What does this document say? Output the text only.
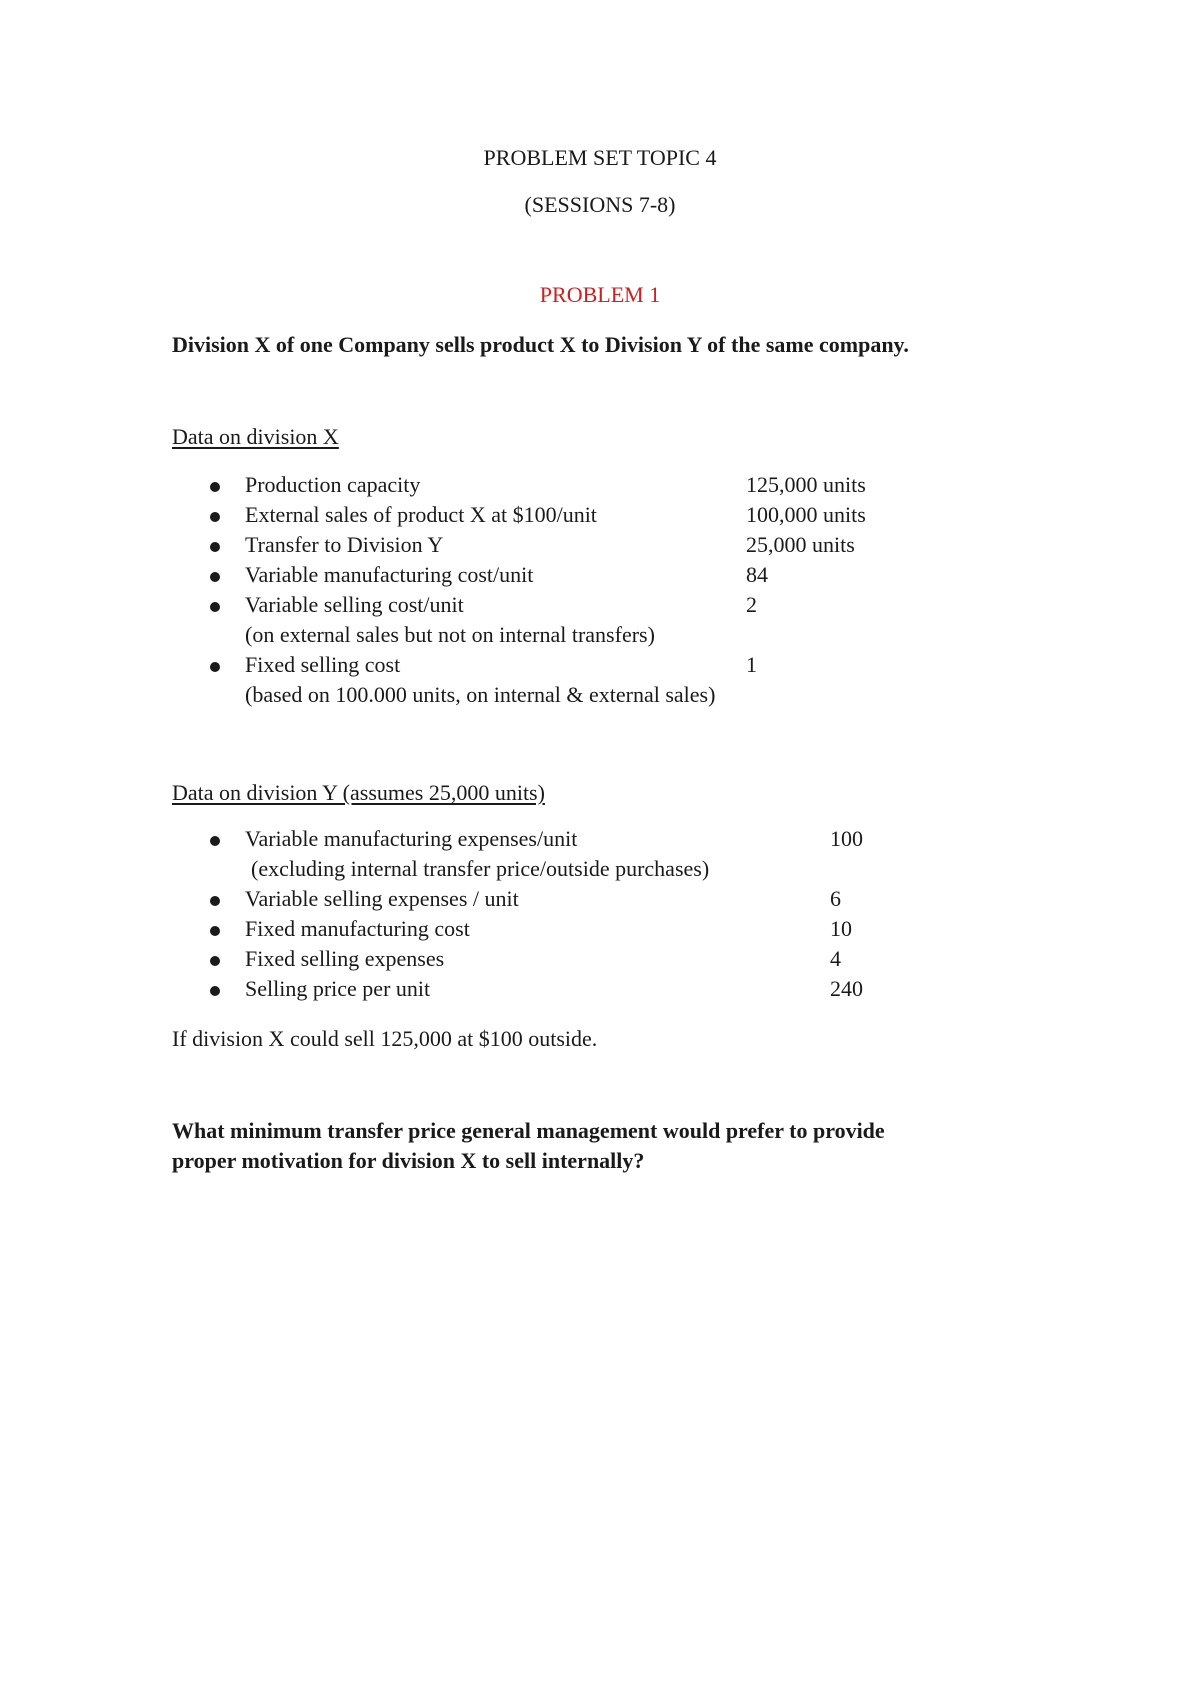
PROBLEM SET TOPIC 4
(SESSIONS 7-8)
PROBLEM 1
Division X of one Company sells product X to Division Y of the same company.
Data on division X
Production capacity	125,000 units
External sales of product X at $100/unit	100,000 units
Transfer to Division Y	25,000 units
Variable manufacturing cost/unit	84
Variable selling cost/unit	2
(on external sales but not on internal transfers)
Fixed selling cost	1
(based on 100.000 units, on internal & external sales)
Data on division Y (assumes 25,000 units)
Variable manufacturing expenses/unit	100
(excluding internal transfer price/outside purchases)
Variable selling expenses / unit	6
Fixed manufacturing cost	10
Fixed selling expenses	4
Selling price per unit	240
If division X could sell 125,000 at $100 outside.
What minimum transfer price general management would prefer to provide
proper motivation for division X to sell internally?
